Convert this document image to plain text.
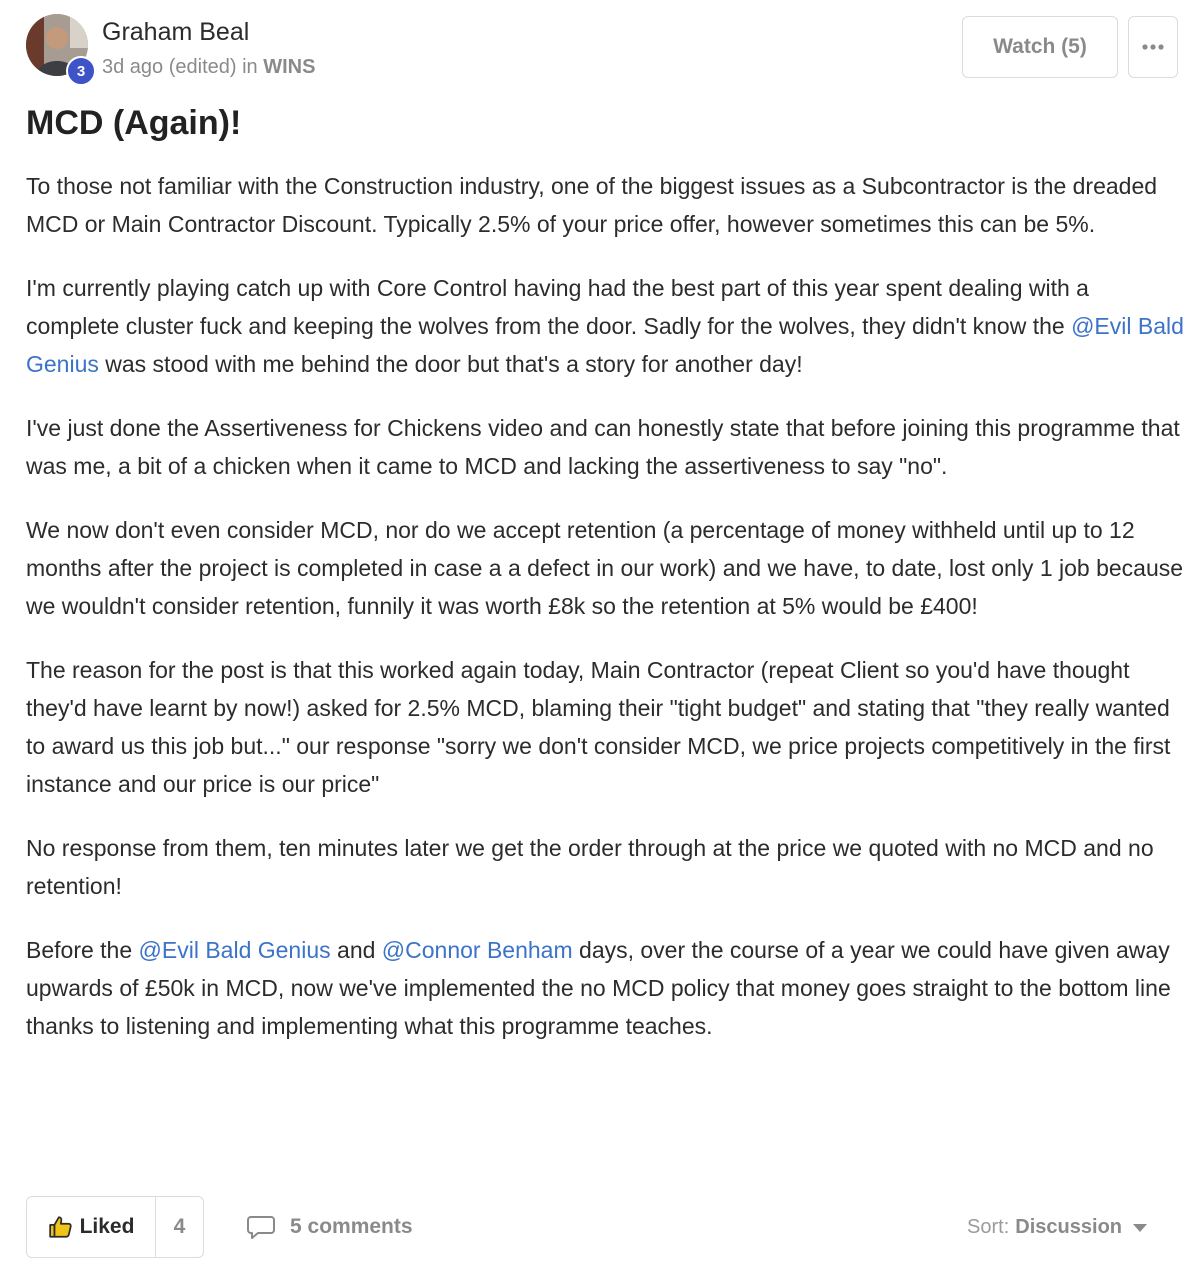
3
Graham Beal
3d ago (edited) in WINS
Watch (5)
MCD (Again)!

To those not familiar with the Construction industry, one of the biggest issues as a Subcontractor is the dreaded MCD or Main Contractor Discount. Typically 2.5% of your price offer, however sometimes this can be 5%.

I'm currently playing catch up with Core Control having had the best part of this year spent dealing with a complete cluster fuck and keeping the wolves from the door. Sadly for the wolves, they didn't know the @Evil Bald Genius was stood with me behind the door but that's a story for another day!

I've just done the Assertiveness for Chickens video and can honestly state that before joining this programme that was me, a bit of a chicken when it came to MCD and lacking the assertiveness to say "no".

We now don't even consider MCD, nor do we accept retention (a percentage of money withheld until up to 12 months after the project is completed in case a a defect in our work) and we have, to date, lost only 1 job because we wouldn't consider retention, funnily it was worth £8k so the retention at 5% would be £400!

The reason for the post is that this worked again today, Main Contractor (repeat Client so you'd have thought they'd have learnt by now!) asked for 2.5% MCD, blaming their "tight budget" and stating that "they really wanted to award us this job but..." our response "sorry we don't consider MCD, we price projects competitively in the first instance and our price is our price"

No response from them, ten minutes later we get the order through at the price we quoted with no MCD and no retention!

Before the @Evil Bald Genius and @Connor Benham days, over the course of a year we could have given away upwards of £50k in MCD, now we've implemented the no MCD policy that money goes straight to the bottom line thanks to listening and implementing what this programme teaches.

Liked	4	5 comments	Sort: Discussion
